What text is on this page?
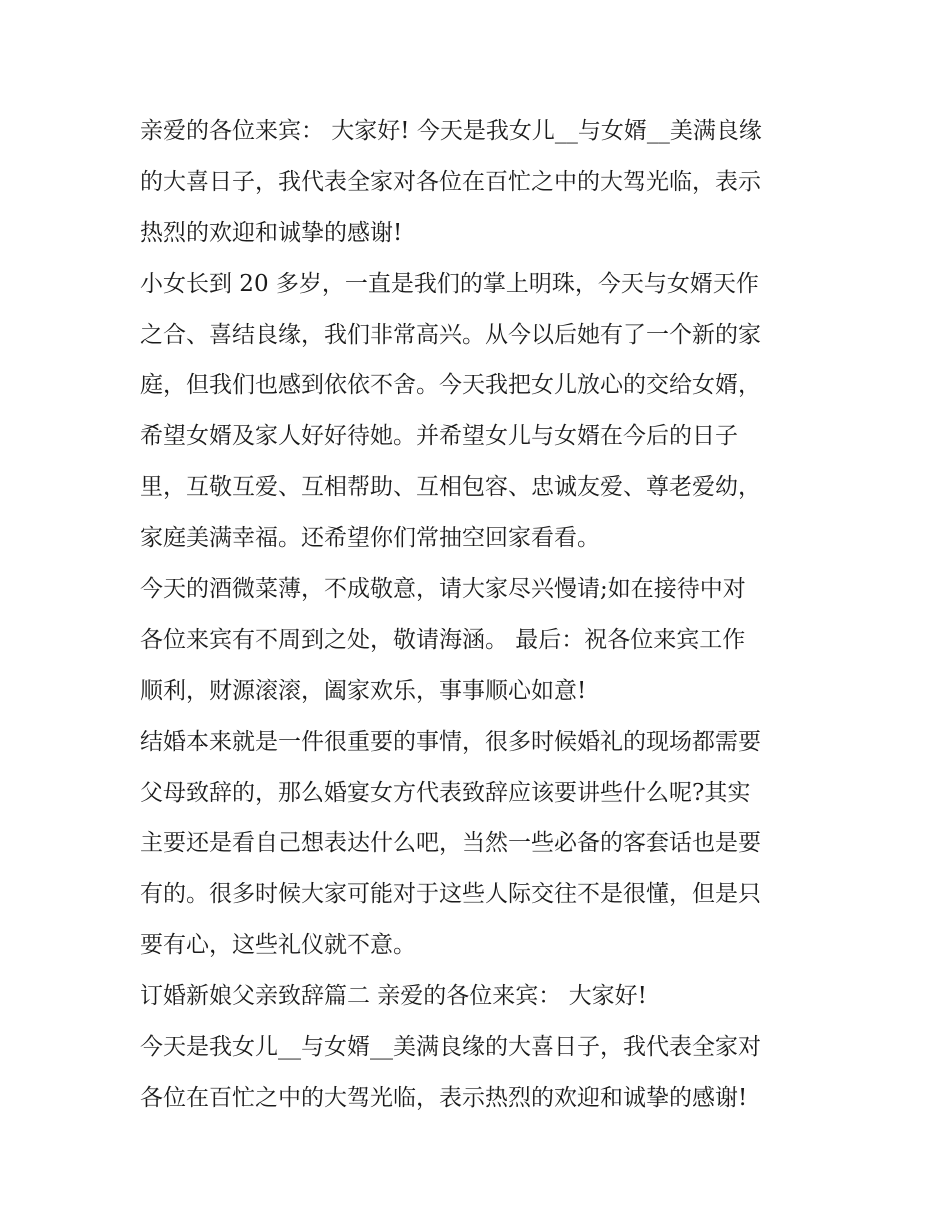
亲爱的各位来宾： 大家好! 今天是我女儿__与女婿__美满良缘
的大喜日子，我代表全家对各位在百忙之中的大驾光临，表示
热烈的欢迎和诚挚的感谢!
小女长到 20 多岁，一直是我们的掌上明珠，今天与女婿天作
之合、喜结良缘，我们非常高兴。从今以后她有了一个新的家
庭，但我们也感到依依不舍。今天我把女儿放心的交给女婿，
希望女婿及家人好好待她。并希望女儿与女婿在今后的日子
里，互敬互爱、互相帮助、互相包容、忠诚友爱、尊老爱幼，
家庭美满幸福。还希望你们常抽空回家看看。
今天的酒微菜薄，不成敬意，请大家尽兴慢请;如在接待中对
各位来宾有不周到之处，敬请海涵。 最后：祝各位来宾工作
顺利，财源滚滚，阖家欢乐，事事顺心如意!
结婚本来就是一件很重要的事情，很多时候婚礼的现场都需要
父母致辞的，那么婚宴女方代表致辞应该要讲些什么呢?其实
主要还是看自己想表达什么吧，当然一些必备的客套话也是要
有的。很多时候大家可能对于这些人际交往不是很懂，但是只
要有心，这些礼仪就不意。
订婚新娘父亲致辞篇二 亲爱的各位来宾： 大家好!
今天是我女儿__与女婿__美满良缘的大喜日子，我代表全家对
各位在百忙之中的大驾光临，表示热烈的欢迎和诚挚的感谢!
